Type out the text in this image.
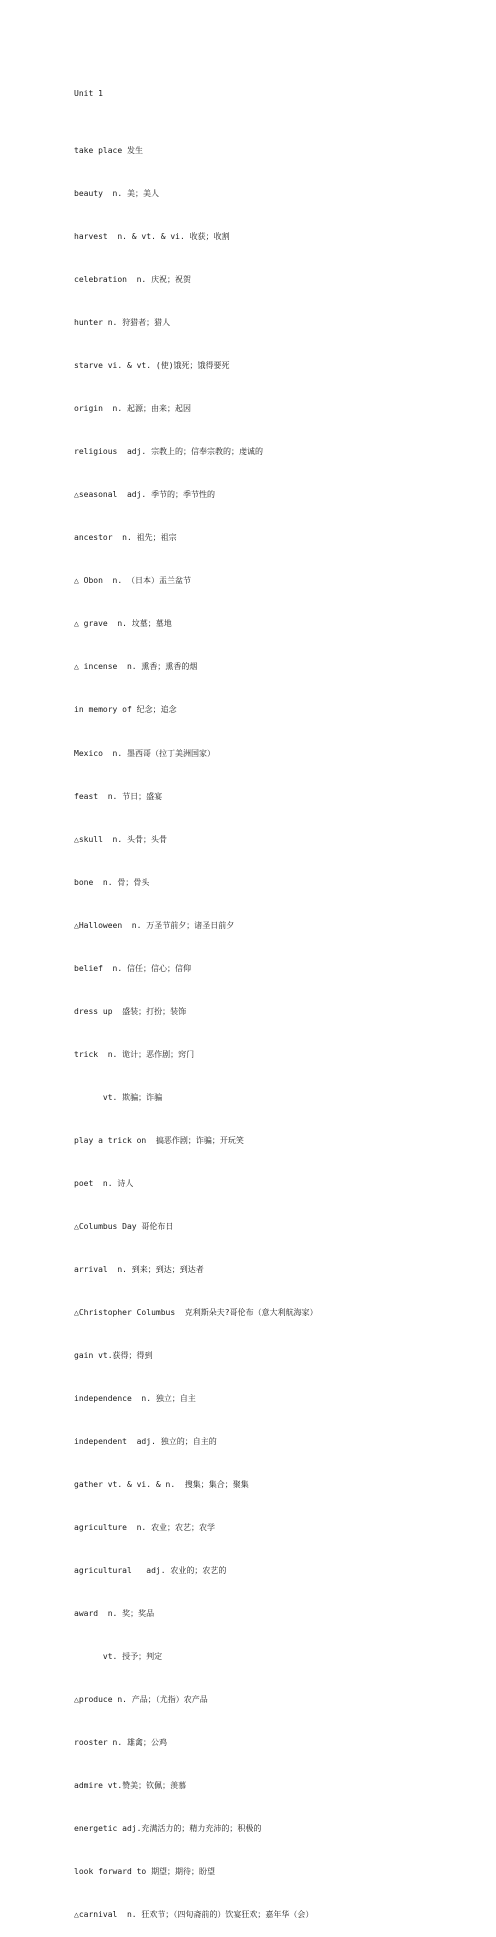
Unit 1

take place 发生

beauty  n. 美；美人

harvest  n. & vt. & vi. 收获；收割

celebration  n. 庆祝；祝贺

hunter n. 狩猎者；猎人

starve vi. & vt. (使)饿死；饿得要死

origin  n. 起源；由来；起因

religious  adj. 宗教上的；信奉宗教的；虔诚的

△seasonal  adj. 季节的；季节性的

ancestor  n. 祖先；祖宗

△ Obon  n. （日本）盂兰盆节

△ grave  n. 坟墓；墓地

△ incense  n. 熏香；熏香的烟

in memory of 纪念；追念

Mexico  n. 墨西哥（拉丁美洲国家）

feast  n. 节日；盛宴

△skull  n. 头骨；头骨

bone  n. 骨；骨头

△Halloween  n. 万圣节前夕；诸圣日前夕

belief  n. 信任；信心；信仰

dress up  盛装；打扮；装饰

trick  n. 诡计；恶作剧；窍门

vt. 欺骗；诈骗

play a trick on  搞恶作剧；诈骗；开玩笑

poet  n. 诗人

△Columbus Day 哥伦布日

arrival  n. 到来；到达；到达者

△Christopher Columbus  克利斯朵夫?哥伦布（意大利航海家）

gain vt.获得；得到

independence  n. 独立；自主

independent  adj. 独立的；自主的

gather vt. & vi. & n.  搜集；集合；聚集

agriculture  n. 农业；农艺；农学

agricultural   adj. 农业的；农艺的

award  n. 奖；奖品

vt. 授予；判定

△produce n. 产品；（尤指）农产品

rooster n. 雄禽；公鸡

admire vt.赞美；钦佩；羡慕

energetic adj.充满活力的；精力充沛的；积极的

look forward to 期望；期待；盼望

△carnival  n. 狂欢节；（四旬斋前的）饮宴狂欢；嘉年华（会）
